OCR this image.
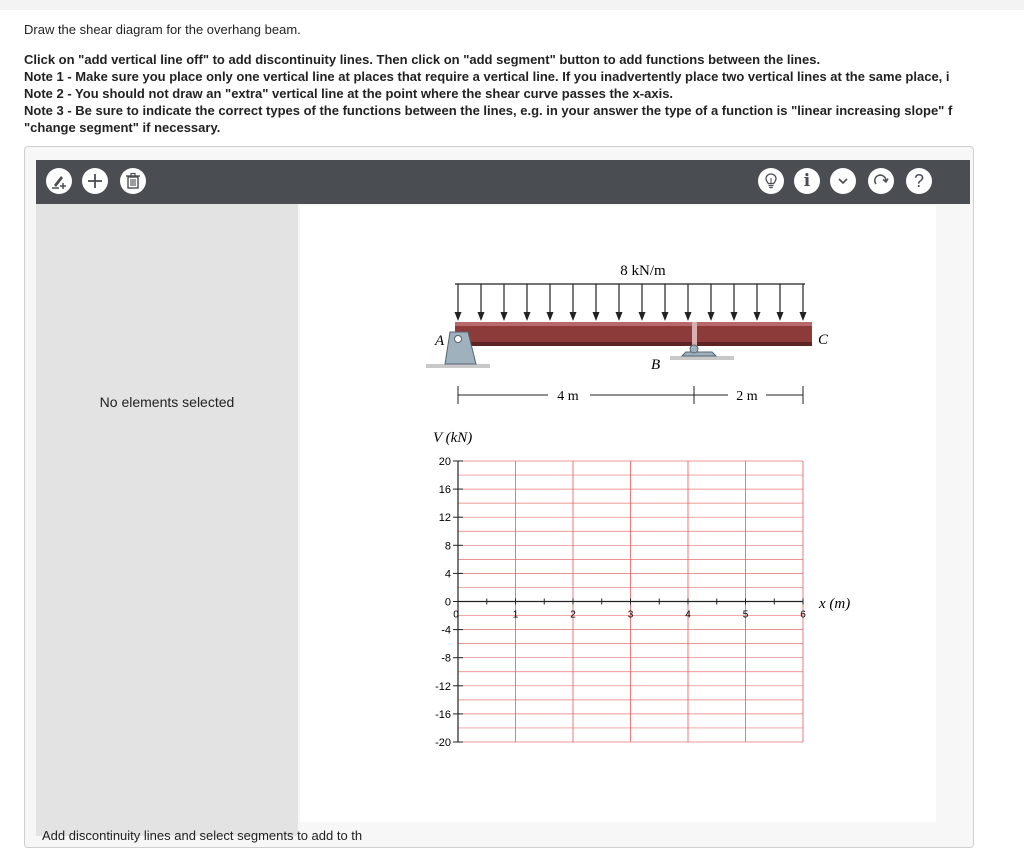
Draw the shear diagram for the overhang beam.

Click on "add vertical line off" to add discontinuity lines. Then click on "add segment" button to add functions between the lines.

Note 1 - Make sure you place only one vertical line at places that require a vertical line. If you inadvertently place two vertical lines at the same place, i

Note 2 - You should not draw an "extra" vertical line at the point where the shear curve passes the x-axis.

Note 3 - Be sure to indicate the correct types of the functions between the lines, e.g. in your answer the type of a function is "linear increasing slope" f

"change segment" if necessary.

i	?
No elements selected
Add discontinuity lines and select segments to add to th
8 kN/m
A
B
C
4 m	2 m
20
16
12
8
4
0
-4
-8
-12
-16
-20
0	1	2	3	4	5	6
V (kN)
x (m)
